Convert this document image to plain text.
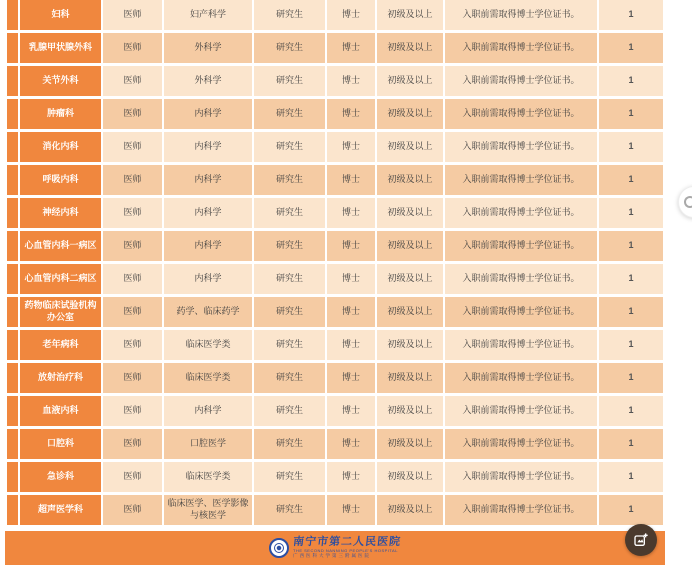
	妇科	医师	妇产科学	研究生	博士	初级及以上	入职前需取得博士学位证书。	1
	乳腺甲状腺外科	医师	外科学	研究生	博士	初级及以上	入职前需取得博士学位证书。	1
	关节外科	医师	外科学	研究生	博士	初级及以上	入职前需取得博士学位证书。	1
	肿瘤科	医师	内科学	研究生	博士	初级及以上	入职前需取得博士学位证书。	1
	消化内科	医师	内科学	研究生	博士	初级及以上	入职前需取得博士学位证书。	1
	呼吸内科	医师	内科学	研究生	博士	初级及以上	入职前需取得博士学位证书。	1
	神经内科	医师	内科学	研究生	博士	初级及以上	入职前需取得博士学位证书。	1
	心血管内科一病区	医师	内科学	研究生	博士	初级及以上	入职前需取得博士学位证书。	1
	心血管内科二病区	医师	内科学	研究生	博士	初级及以上	入职前需取得博士学位证书。	1
	药物临床试验机构办公室	医师	药学、临床药学	研究生	博士	初级及以上	入职前需取得博士学位证书。	1
	老年病科	医师	临床医学类	研究生	博士	初级及以上	入职前需取得博士学位证书。	1
	放射治疗科	医师	临床医学类	研究生	博士	初级及以上	入职前需取得博士学位证书。	1
	血液内科	医师	内科学	研究生	博士	初级及以上	入职前需取得博士学位证书。	1
	口腔科	医师	口腔医学	研究生	博士	初级及以上	入职前需取得博士学位证书。	1
	急诊科	医师	临床医学类	研究生	博士	初级及以上	入职前需取得博士学位证书。	1
	超声医学科	医师	临床医学、医学影像与核医学	研究生	博士	初级及以上	入职前需取得博士学位证书。	1
南宁市第二人民医院
THE SECOND NANNING PEOPLE'S HOSPITAL
广西医科大学第三附属医院
